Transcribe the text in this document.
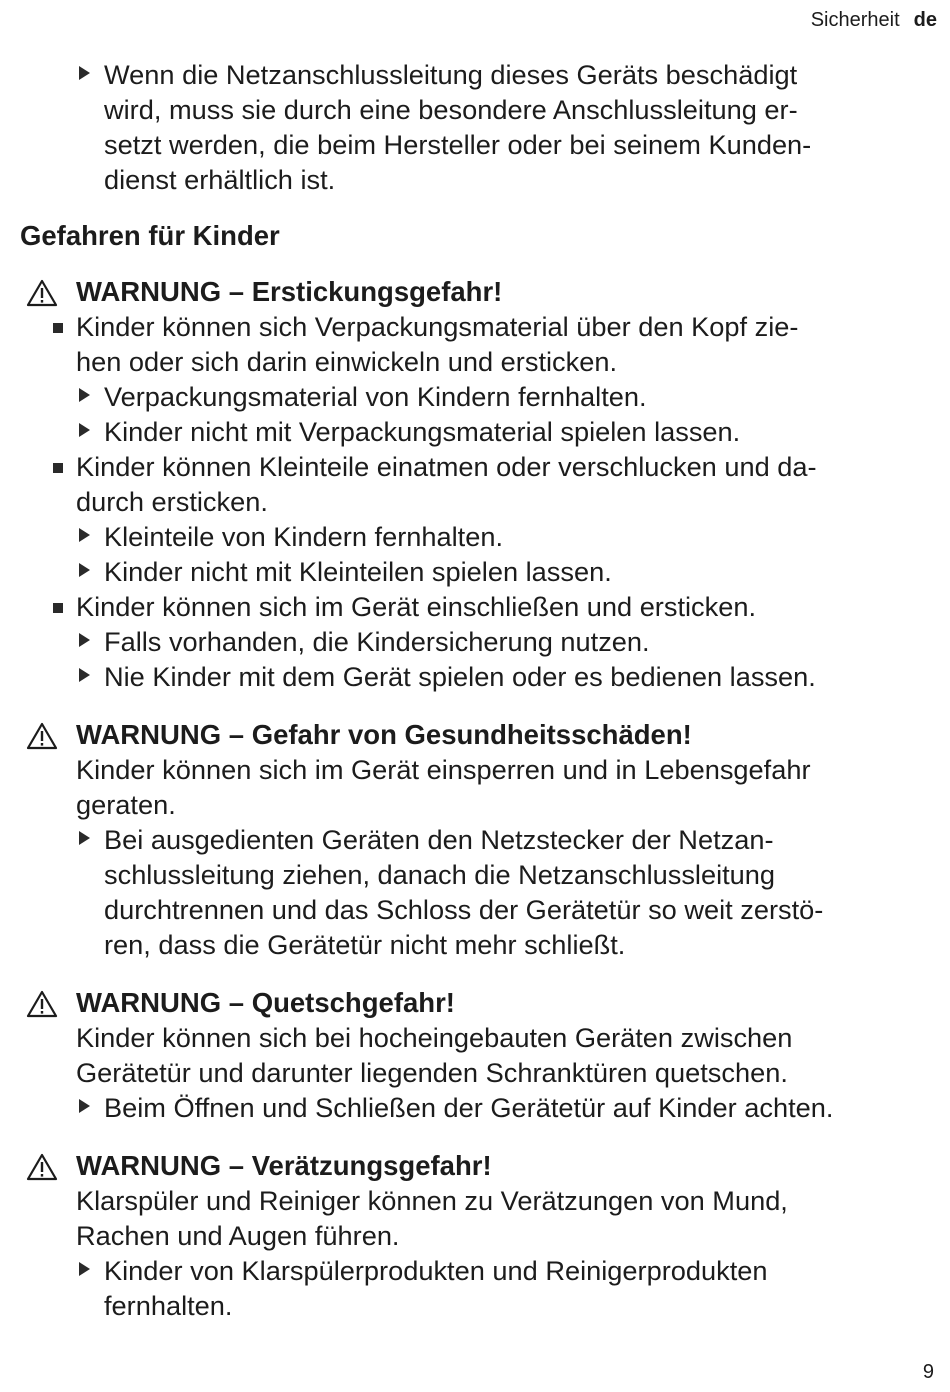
Sicherheit de
Wenn die Netzanschlussleitung dieses Geräts beschädigt
wird, muss sie durch eine besondere Anschlussleitung er-
setzt werden, die beim Hersteller oder bei seinem Kunden-
dienst erhältlich ist.
Gefahren für Kinder
WARNUNG – Erstickungsgefahr!
Kinder können sich Verpackungsmaterial über den Kopf zie-
hen oder sich darin einwickeln und ersticken.
Verpackungsmaterial von Kindern fernhalten.
Kinder nicht mit Verpackungsmaterial spielen lassen.
Kinder können Kleinteile einatmen oder verschlucken und da-
durch ersticken.
Kleinteile von Kindern fernhalten.
Kinder nicht mit Kleinteilen spielen lassen.
Kinder können sich im Gerät einschließen und ersticken.
Falls vorhanden, die Kindersicherung nutzen.
Nie Kinder mit dem Gerät spielen oder es bedienen lassen.
WARNUNG – Gefahr von Gesundheitsschäden!
Kinder können sich im Gerät einsperren und in Lebensgefahr
geraten.
Bei ausgedienten Geräten den Netzstecker der Netzan-
schlussleitung ziehen, danach die Netzanschlussleitung
durchtrennen und das Schloss der Gerätetür so weit zerstö-
ren, dass die Gerätetür nicht mehr schließt.
WARNUNG – Quetschgefahr!
Kinder können sich bei hocheingebauten Geräten zwischen
Gerätetür und darunter liegenden Schranktüren quetschen.
Beim Öffnen und Schließen der Gerätetür auf Kinder achten.
WARNUNG – Verätzungsgefahr!
Klarspüler und Reiniger können zu Verätzungen von Mund,
Rachen und Augen führen.
Kinder von Klarspülerprodukten und Reinigerprodukten
fernhalten.
9
